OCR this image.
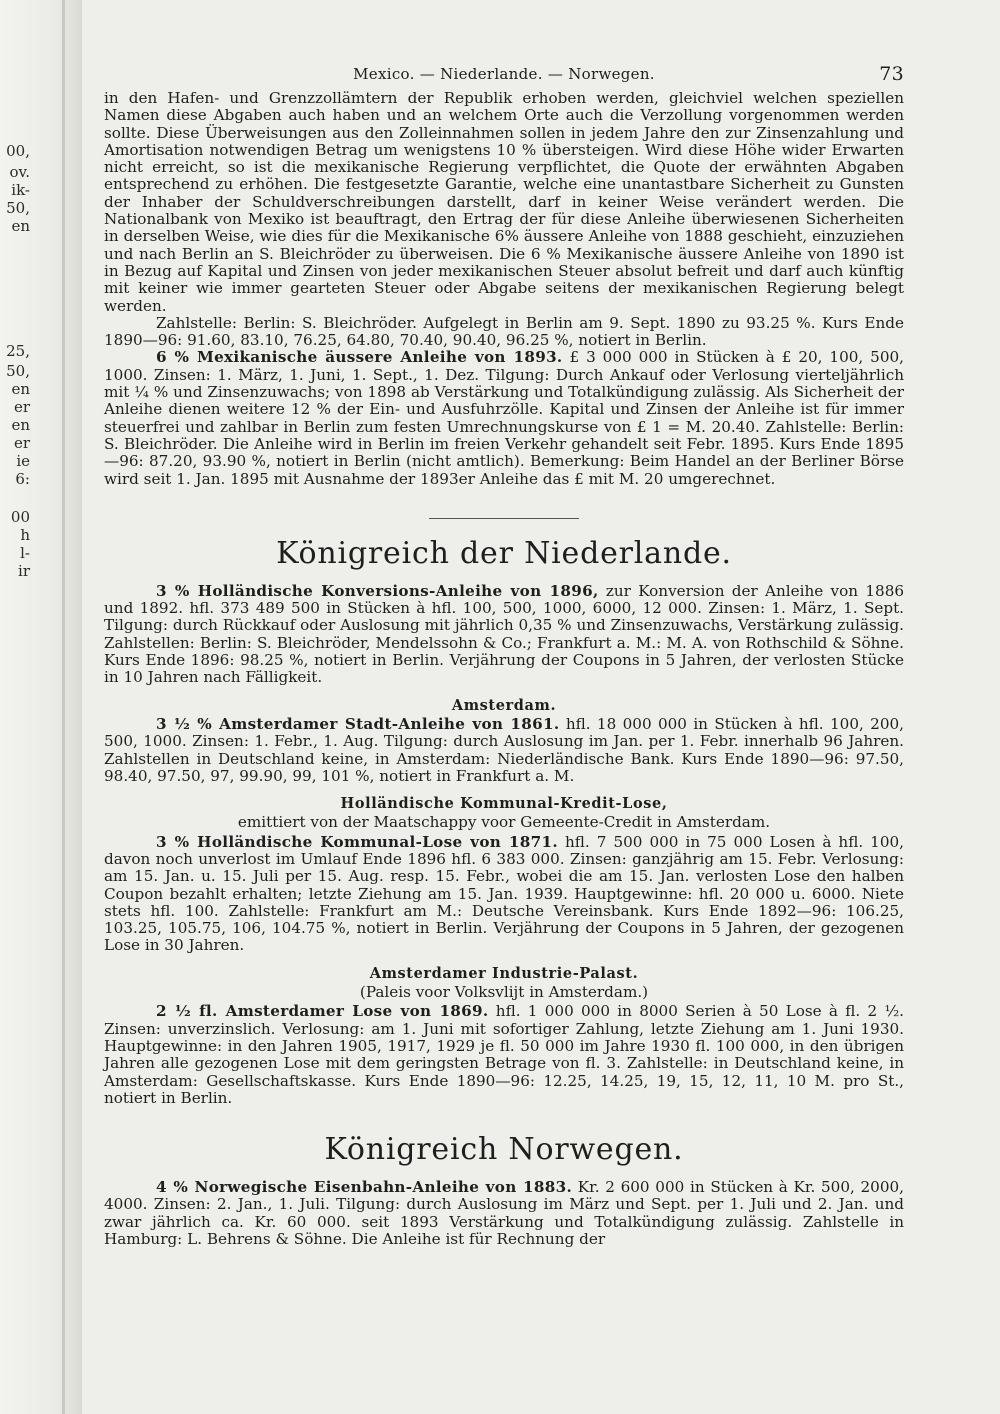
00,
ov.
ik-
50,
en
25,
50,
en
er
en
er
ie
6:
00
h
l-
ir
Mexico. — Niederlande. — Norwegen.	73

in den Hafen- und Grenzzollämtern der Republik erhoben werden, gleichviel welchen speziellen Namen diese Abgaben auch haben und an welchem Orte auch die Verzollung vorgenommen werden sollte. Diese Überweisungen aus den Zolleinnahmen sollen in jedem Jahre den zur Zinsenzahlung und Amortisation notwendigen Betrag um wenigstens 10 % übersteigen. Wird diese Höhe wider Erwarten nicht erreicht, so ist die mexikanische Regierung verpflichtet, die Quote der erwähnten Abgaben entsprechend zu erhöhen. Die festgesetzte Garantie, welche eine unantastbare Sicherheit zu Gunsten der Inhaber der Schuldverschreibungen darstellt, darf in keiner Weise verändert werden. Die Nationalbank von Mexiko ist beauftragt, den Ertrag der für diese Anleihe überwiesenen Sicherheiten in derselben Weise, wie dies für die Mexikanische 6% äussere Anleihe von 1888 geschieht, einzuziehen und nach Berlin an S. Bleichröder zu überweisen. Die 6 % Mexikanische äussere Anleihe von 1890 ist in Bezug auf Kapital und Zinsen von jeder mexikanischen Steuer absolut befreit und darf auch künftig mit keiner wie immer gearteten Steuer oder Abgabe seitens der mexikanischen Regierung belegt werden.

Zahlstelle: Berlin: S. Bleichröder. Aufgelegt in Berlin am 9. Sept. 1890 zu 93.25 %. Kurs Ende 1890—96: 91.60, 83.10, 76.25, 64.80, 70.40, 90.40, 96.25 %, notiert in Berlin.

6 % Mexikanische äussere Anleihe von 1893. £ 3 000 000 in Stücken à £ 20, 100, 500, 1000. Zinsen: 1. März, 1. Juni, 1. Sept., 1. Dez. Tilgung: Durch Ankauf oder Verlosung vierteljährlich mit ¼ % und Zinsenzuwachs; von 1898 ab Verstärkung und Totalkündigung zulässig. Als Sicherheit der Anleihe dienen weitere 12 % der Ein- und Ausfuhrzölle. Kapital und Zinsen der Anleihe ist für immer steuerfrei und zahlbar in Berlin zum festen Umrechnungskurse von £ 1 = M. 20.40. Zahlstelle: Berlin: S. Bleichröder. Die Anleihe wird in Berlin im freien Verkehr gehandelt seit Febr. 1895. Kurs Ende 1895—96: 87.20, 93.90 %, notiert in Berlin (nicht amtlich). Bemerkung: Beim Handel an der Berliner Börse wird seit 1. Jan. 1895 mit Ausnahme der 1893er Anleihe das £ mit M. 20 umgerechnet.

Königreich der Niederlande.

3 % Holländische Konversions-Anleihe von 1896, zur Konversion der Anleihe von 1886 und 1892. hfl. 373 489 500 in Stücken à hfl. 100, 500, 1000, 6000, 12 000. Zinsen: 1. März, 1. Sept. Tilgung: durch Rückkauf oder Auslosung mit jährlich 0,35 % und Zinsenzuwachs, Verstärkung zulässig. Zahlstellen: Berlin: S. Bleichröder, Mendelssohn & Co.; Frankfurt a. M.: M. A. von Rothschild & Söhne. Kurs Ende 1896: 98.25 %, notiert in Berlin. Verjährung der Coupons in 5 Jahren, der verlosten Stücke in 10 Jahren nach Fälligkeit.

Amsterdam.

3 ½ % Amsterdamer Stadt-Anleihe von 1861. hfl. 18 000 000 in Stücken à hfl. 100, 200, 500, 1000. Zinsen: 1. Febr., 1. Aug. Tilgung: durch Auslosung im Jan. per 1. Febr. innerhalb 96 Jahren. Zahlstellen in Deutschland keine, in Amsterdam: Niederländische Bank. Kurs Ende 1890—96: 97.50, 98.40, 97.50, 97, 99.90, 99, 101 %, notiert in Frankfurt a. M.

Holländische Kommunal-Kredit-Lose,
emittiert von der Maatschappy voor Gemeente-Credit in Amsterdam.

3 % Holländische Kommunal-Lose von 1871. hfl. 7 500 000 in 75 000 Losen à hfl. 100, davon noch unverlost im Umlauf Ende 1896 hfl. 6 383 000. Zinsen: ganzjährig am 15. Febr. Verlosung: am 15. Jan. u. 15. Juli per 15. Aug. resp. 15. Febr., wobei die am 15. Jan. verlosten Lose den halben Coupon bezahlt erhalten; letzte Ziehung am 15. Jan. 1939. Hauptgewinne: hfl. 20 000 u. 6000. Niete stets hfl. 100. Zahlstelle: Frankfurt am M.: Deutsche Vereinsbank. Kurs Ende 1892—96: 106.25, 103.25, 105.75, 106, 104.75 %, notiert in Berlin. Verjährung der Coupons in 5 Jahren, der gezogenen Lose in 30 Jahren.

Amsterdamer Industrie-Palast.
(Paleis voor Volksvlijt in Amsterdam.)

2 ½ fl. Amsterdamer Lose von 1869. hfl. 1 000 000 in 8000 Serien à 50 Lose à fl. 2 ½. Zinsen: unverzinslich. Verlosung: am 1. Juni mit sofortiger Zahlung, letzte Ziehung am 1. Juni 1930. Hauptgewinne: in den Jahren 1905, 1917, 1929 je fl. 50 000 im Jahre 1930 fl. 100 000, in den übrigen Jahren alle gezogenen Lose mit dem geringsten Betrage von fl. 3. Zahlstelle: in Deutschland keine, in Amsterdam: Gesellschaftskasse. Kurs Ende 1890—96: 12.25, 14.25, 19, 15, 12, 11, 10 M. pro St., notiert in Berlin.

Königreich Norwegen.

4 % Norwegische Eisenbahn-Anleihe von 1883. Kr. 2 600 000 in Stücken à Kr. 500, 2000, 4000. Zinsen: 2. Jan., 1. Juli. Tilgung: durch Auslosung im März und Sept. per 1. Juli und 2. Jan. und zwar jährlich ca. Kr. 60 000. seit 1893 Verstärkung und Totalkündigung zulässig. Zahlstelle in Hamburg: L. Behrens & Söhne. Die Anleihe ist für Rechnung der
